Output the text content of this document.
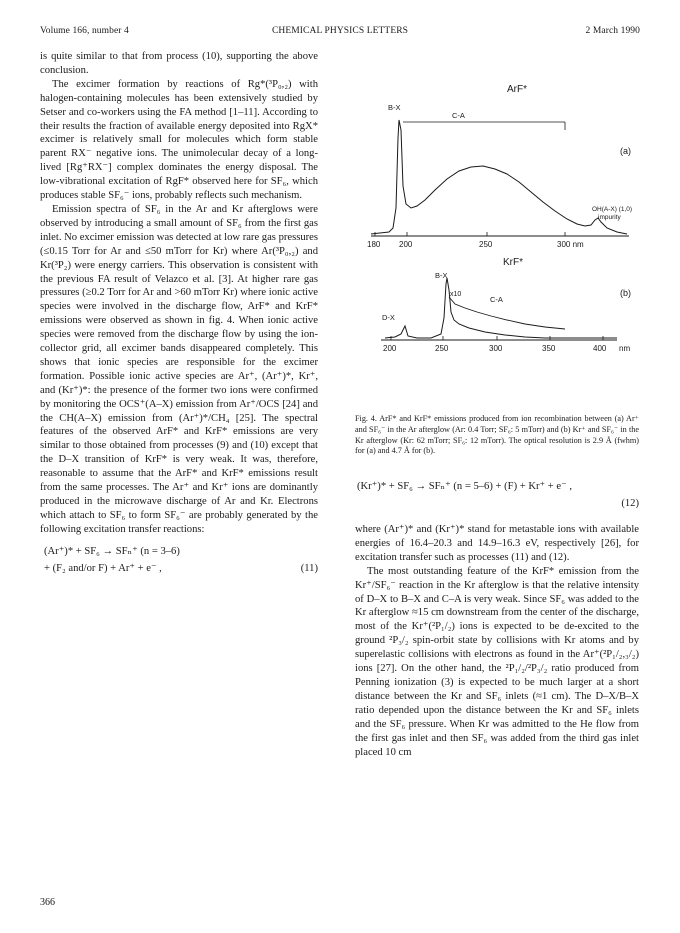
Volume 166, number 4	CHEMICAL PHYSICS LETTERS	2 March 1990

is quite similar to that from process (10), supporting the above conclusion.

The excimer formation by reactions of Rg*(³P₀,₂) with halogen-containing molecules has been extensively studied by Setser and co-workers using the FA method [1–11]. According to their results the fraction of available energy deposited into RgX* excimer is relatively small for molecules which form stable parent RX⁻ negative ions. The unimolecular decay of a long-lived [Rg⁺RX⁻] complex dominates the energy disposal. The low-vibrational excitation of RgF* observed here for SF₆, which produces stable SF₆⁻ ions, probably reflects such mechanism.

Emission spectra of SF₆ in the Ar and Kr afterglows were observed by introducing a small amount of SF₆ from the first gas inlet. No excimer emission was detected at low rare gas pressures (≤0.15 Torr for Ar and ≤50 mTorr for Kr) where Ar(³P₀,₂) and Kr(³P₂) were energy carriers. This observation is consistent with the previous FA result of Velazco et al. [3]. At higher rare gas pressures (≥0.2 Torr for Ar and >60 mTorr Kr) where ionic active species were involved in the discharge flow, ArF* and KrF* emissions were observed as shown in fig. 4. When ionic active species were removed from the discharge flow by using the ion-collector grid, all excimer bands disappeared completely. This shows that ionic species are responsible for the excimer formation. Possible ionic active species are Ar⁺, (Ar⁺)*, Kr⁺, and (Kr⁺)*: the presence of the former two ions were confirmed by monitoring the OCS⁺(A–X) emission from Ar⁺/OCS [24] and the CH(A–X) emission from (Ar⁺)*/CH₄ [25]. The spectral features of the observed ArF* and KrF* emissions are very similar to those obtained from processes (9) and (10) except that the D–X transition of KrF* is very weak. It was, therefore, reasonable to assume that the ArF* and KrF* emissions result from the same processes. The Ar⁺ and Kr⁺ ions are dominantly produced in the microwave discharge of Ar and Kr. Electrons which attach to SF₆ to form SF₆⁻ are probably generated by the following excitation transfer reactions:

(Ar⁺)* + SF₆ → SFₙ⁺ (n = 3–6)
+ (F₂ and/or F) + Ar⁺ + e⁻ ,	(11)
ArF*
B-X
C-A
(a)
OH(A-X) (1,0)
impurity
180 200	250	300 nm
KrF*
B-X
(b)
x10
C-A
D-X
200	250	300	350	400 nm
Fig. 4. ArF* and KrF* emissions produced from ion recombination between (a) Ar⁺ and SF₆⁻ in the Ar afterglow (Ar: 0.4 Torr; SF₆: 5 mTorr) and (b) Kr⁺ and SF₆⁻ in the Kr afterglow (Kr: 62 mTorr; SF₆: 12 mTorr). The optical resolution is 2.9 Å (fwhm) for (a) and 4.7 Å for (b).
(Kr⁺)* + SF₆ → SFₙ⁺ (n = 5–6) + (F) + Kr⁺ + e⁻ ,
(12)

where (Ar⁺)* and (Kr⁺)* stand for metastable ions with available energies of 16.4–20.3 and 14.9–16.3 eV, respectively [26], for excitation transfer such as processes (11) and (12).

The most outstanding feature of the KrF* emission from the Kr⁺/SF₆⁻ reaction in the Kr afterglow is that the relative intensity of D–X to B–X and C–A is very weak. Since SF₆ was added to the Kr afterglow ≈15 cm downstream from the center of the discharge, most of the Kr⁺(²P₁/₂) ions is expected to be de-excited to the ground ²P₃/₂ spin-orbit state by collisions with Kr atoms and by superelastic collisions with electrons as found in the Ar⁺(²P₁/₂,₃/₂) ions [27]. On the other hand, the ²P₁/₂/²P₃/₂ ratio produced from Penning ionization (3) is expected to be much larger at a short distance between the Kr and SF₆ inlets (≈1 cm). The D–X/B–X ratio depended upon the distance between the Kr and SF₆ inlets and the SF₆ pressure. When Kr was admitted to the He flow from the first gas inlet and then SF₆ was added from the third gas inlet placed 10 cm

366
